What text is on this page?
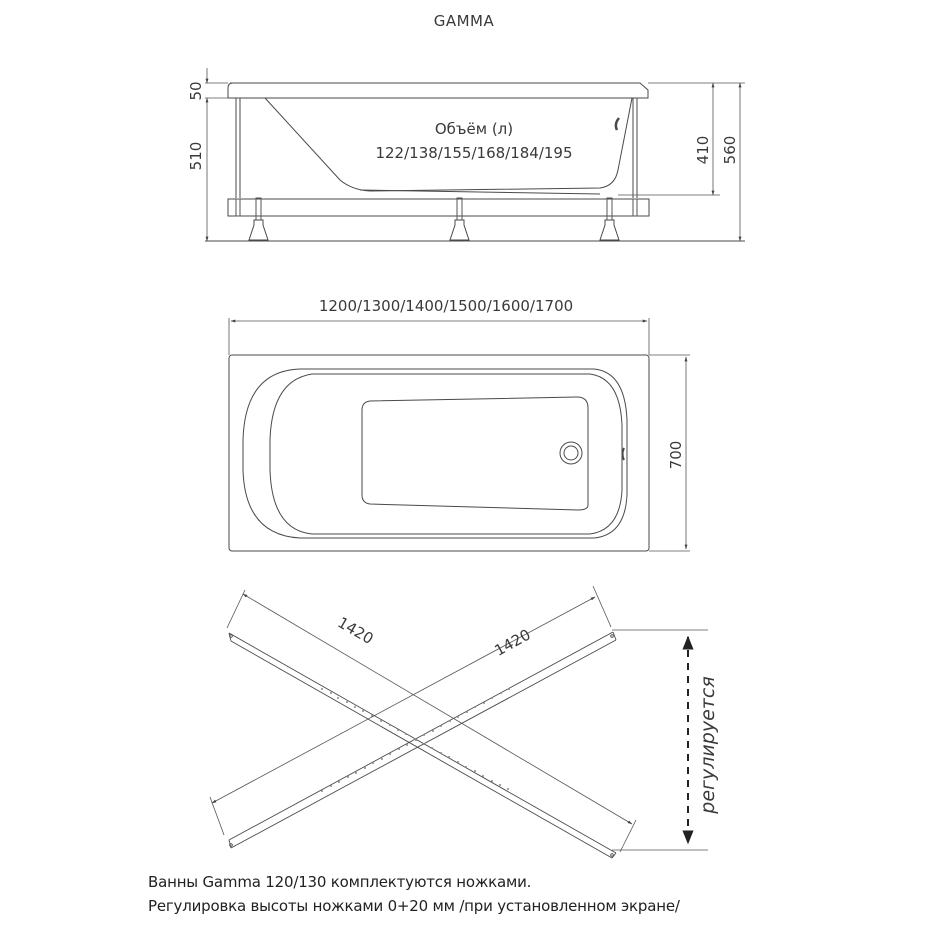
GAMMA
50
510	410 560
Объём (л)
122/138/155/168/184/195
1200/1300/1400/1500/1600/1700
700
1420	1420
регулируется
Ванны Gamma 120/130 комплектуются ножками.
Регулировка высоты ножками 0+20 мм /при установленном экране/
